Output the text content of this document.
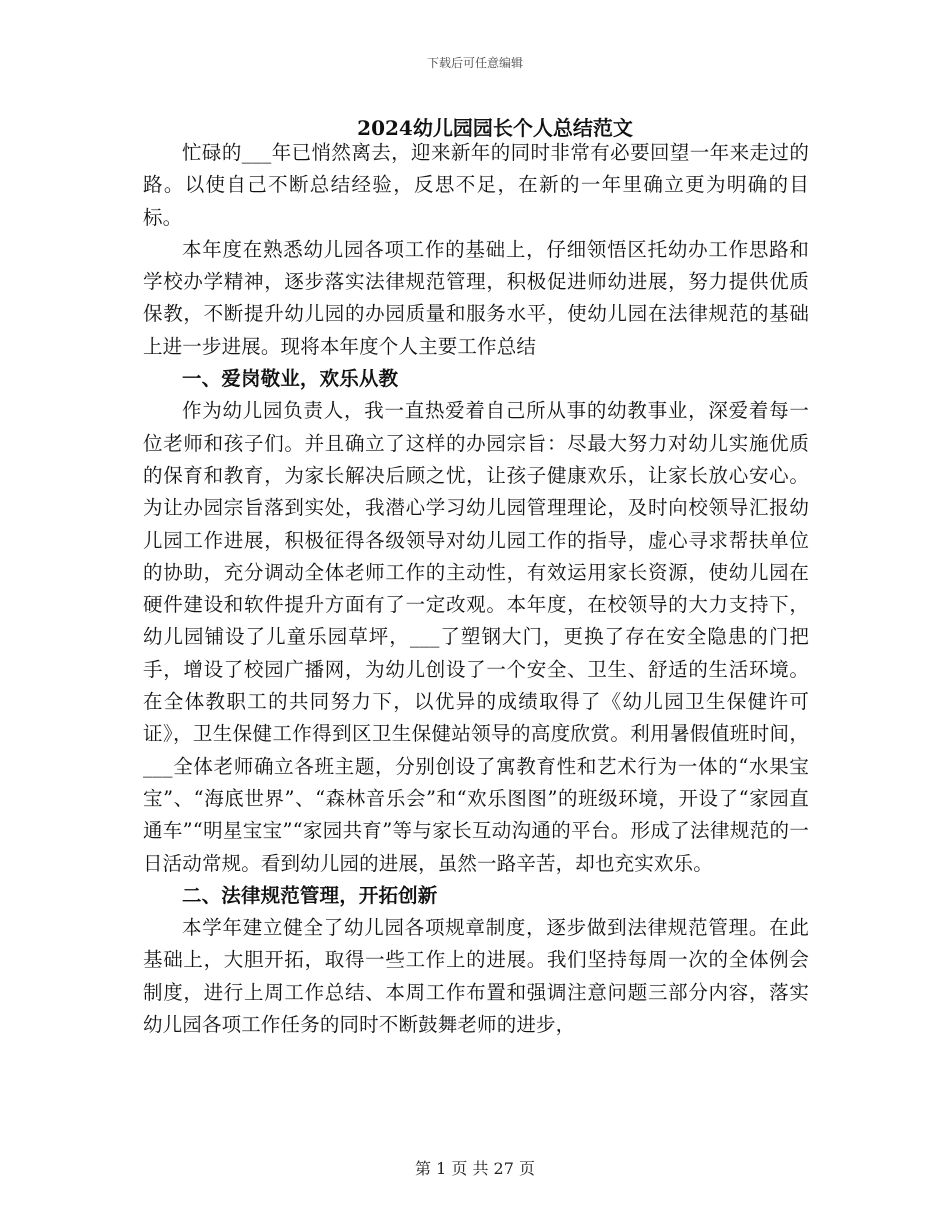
下载后可任意编辑
2024幼儿园园长个人总结范文

忙碌的___年已悄然离去，迎来新年的同时非常有必要回望一年来走过的路。以使自己不断总结经验，反思不足，在新的一年里确立更为明确的目标。

本年度在熟悉幼儿园各项工作的基础上，仔细领悟区托幼办工作思路和学校办学精神，逐步落实法律规范管理，积极促进师幼进展，努力提供优质保教，不断提升幼儿园的办园质量和服务水平，使幼儿园在法律规范的基础上进一步进展。现将本年度个人主要工作总结

一、爱岗敬业，欢乐从教

作为幼儿园负责人，我一直热爱着自己所从事的幼教事业，深爱着每一位老师和孩子们。并且确立了这样的办园宗旨：尽最大努力对幼儿实施优质的保育和教育，为家长解决后顾之忧，让孩子健康欢乐，让家长放心安心。为让办园宗旨落到实处，我潜心学习幼儿园管理理论，及时向校领导汇报幼儿园工作进展，积极征得各级领导对幼儿园工作的指导，虚心寻求帮扶单位的协助，充分调动全体老师工作的主动性，有效运用家长资源，使幼儿园在硬件建设和软件提升方面有了一定改观。本年度，在校领导的大力支持下，幼儿园铺设了儿童乐园草坪，___了塑钢大门，更换了存在安全隐患的门把手，增设了校园广播网，为幼儿创设了一个安全、卫生、舒适的生活环境。在全体教职工的共同努力下，以优异的成绩取得了《幼儿园卫生保健许可证》，卫生保健工作得到区卫生保健站领导的高度欣赏。利用暑假值班时间，___全体老师确立各班主题，分别创设了寓教育性和艺术行为一体的“水果宝宝”、“海底世界”、“森林音乐会”和“欢乐图图”的班级环境，开设了“家园直通车”“明星宝宝”“家园共育”等与家长互动沟通的平台。形成了法律规范的一日活动常规。看到幼儿园的进展，虽然一路辛苦，却也充实欢乐。

二、法律规范管理，开拓创新

本学年建立健全了幼儿园各项规章制度，逐步做到法律规范管理。在此基础上，大胆开拓，取得一些工作上的进展。我们坚持每周一次的全体例会制度，进行上周工作总结、本周工作布置和强调注意问题三部分内容，落实幼儿园各项工作任务的同时不断鼓舞老师的进步，

第 1 页 共 27 页
